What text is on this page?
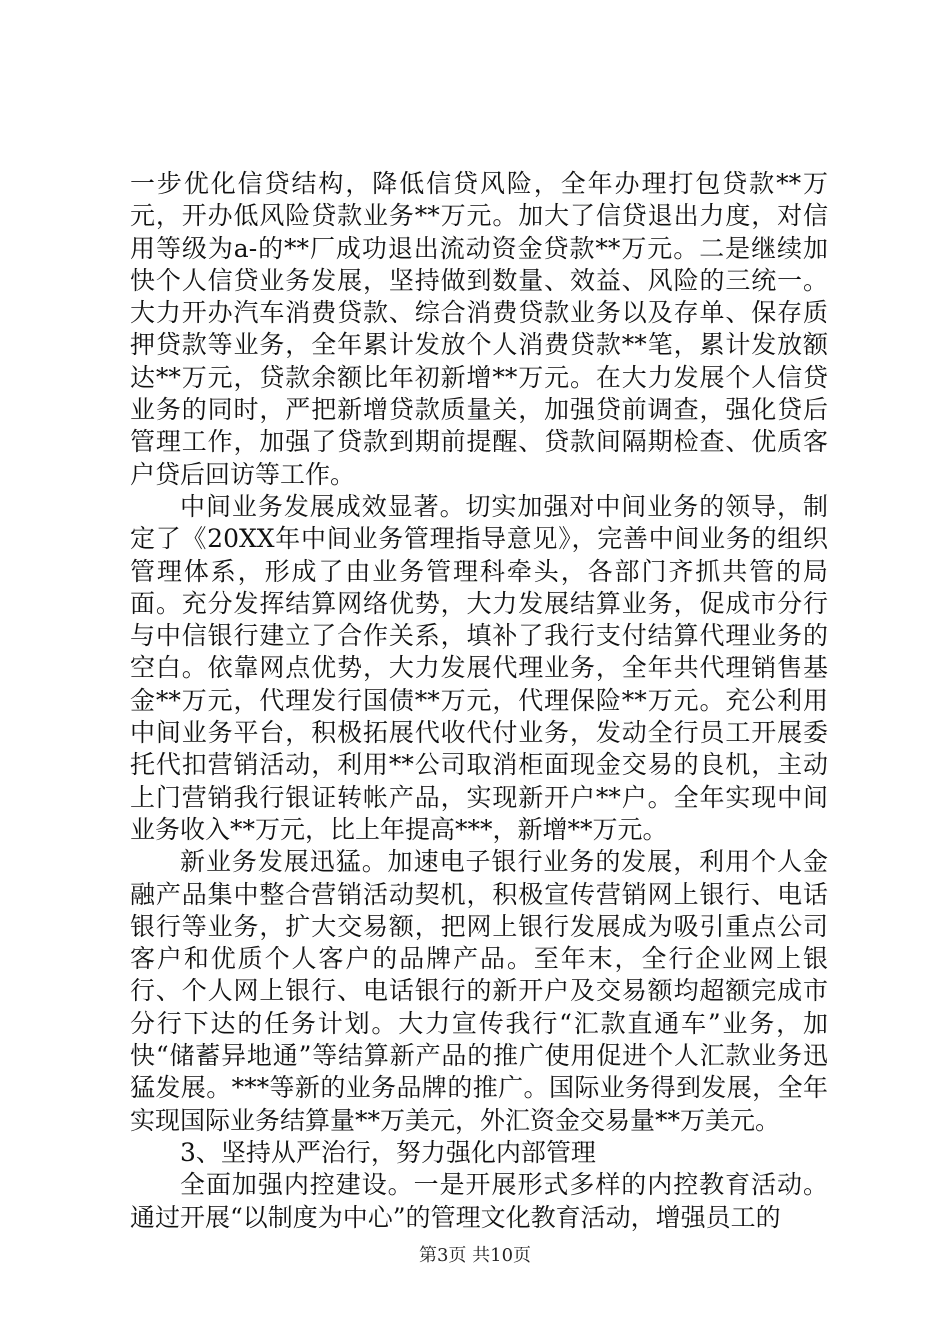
一步优化信贷结构，降低信贷风险，全年办理打包贷款**万元，开办低风险贷款业务**万元。加大了信贷退出力度，对信用等级为a-的**厂成功退出流动资金贷款**万元。二是继续加快个人信贷业务发展，坚持做到数量、效益、风险的三统一。大力开办汽车消费贷款、综合消费贷款业务以及存单、保存质押贷款等业务，全年累计发放个人消费贷款**笔，累计发放额达**万元，贷款余额比年初新增**万元。在大力发展个人信贷业务的同时，严把新增贷款质量关，加强贷前调查，强化贷后管理工作，加强了贷款到期前提醒、贷款间隔期检查、优质客户贷后回访等工作。

中间业务发展成效显著。切实加强对中间业务的领导，制定了《20XX年中间业务管理指导意见》，完善中间业务的组织管理体系，形成了由业务管理科牵头，各部门齐抓共管的局面。充分发挥结算网络优势，大力发展结算业务，促成市分行与中信银行建立了合作关系，填补了我行支付结算代理业务的空白。依靠网点优势，大力发展代理业务，全年共代理销售基金**万元，代理发行国债**万元，代理保险**万元。充公利用中间业务平台，积极拓展代收代付业务，发动全行员工开展委托代扣营销活动，利用**公司取消柜面现金交易的良机，主动上门营销我行银证转帐产品，实现新开户**户。全年实现中间业务收入**万元，比上年提高***，新增**万元。

新业务发展迅猛。加速电子银行业务的发展，利用个人金融产品集中整合营销活动契机，积极宣传营销网上银行、电话银行等业务，扩大交易额，把网上银行发展成为吸引重点公司客户和优质个人客户的品牌产品。至年末，全行企业网上银行、个人网上银行、电话银行的新开户及交易额均超额完成市分行下达的任务计划。大力宣传我行“汇款直通车”业务，加快“储蓄异地通”等结算新产品的推广使用促进个人汇款业务迅猛发展。***等新的业务品牌的推广。国际业务得到发展，全年实现国际业务结算量**万美元，外汇资金交易量**万美元。

3、坚持从严治行，努力强化内部管理

全面加强内控建设。一是开展形式多样的内控教育活动。通过开展“以制度为中心”的管理文化教育活动，增强员工的

第3页 共10页
